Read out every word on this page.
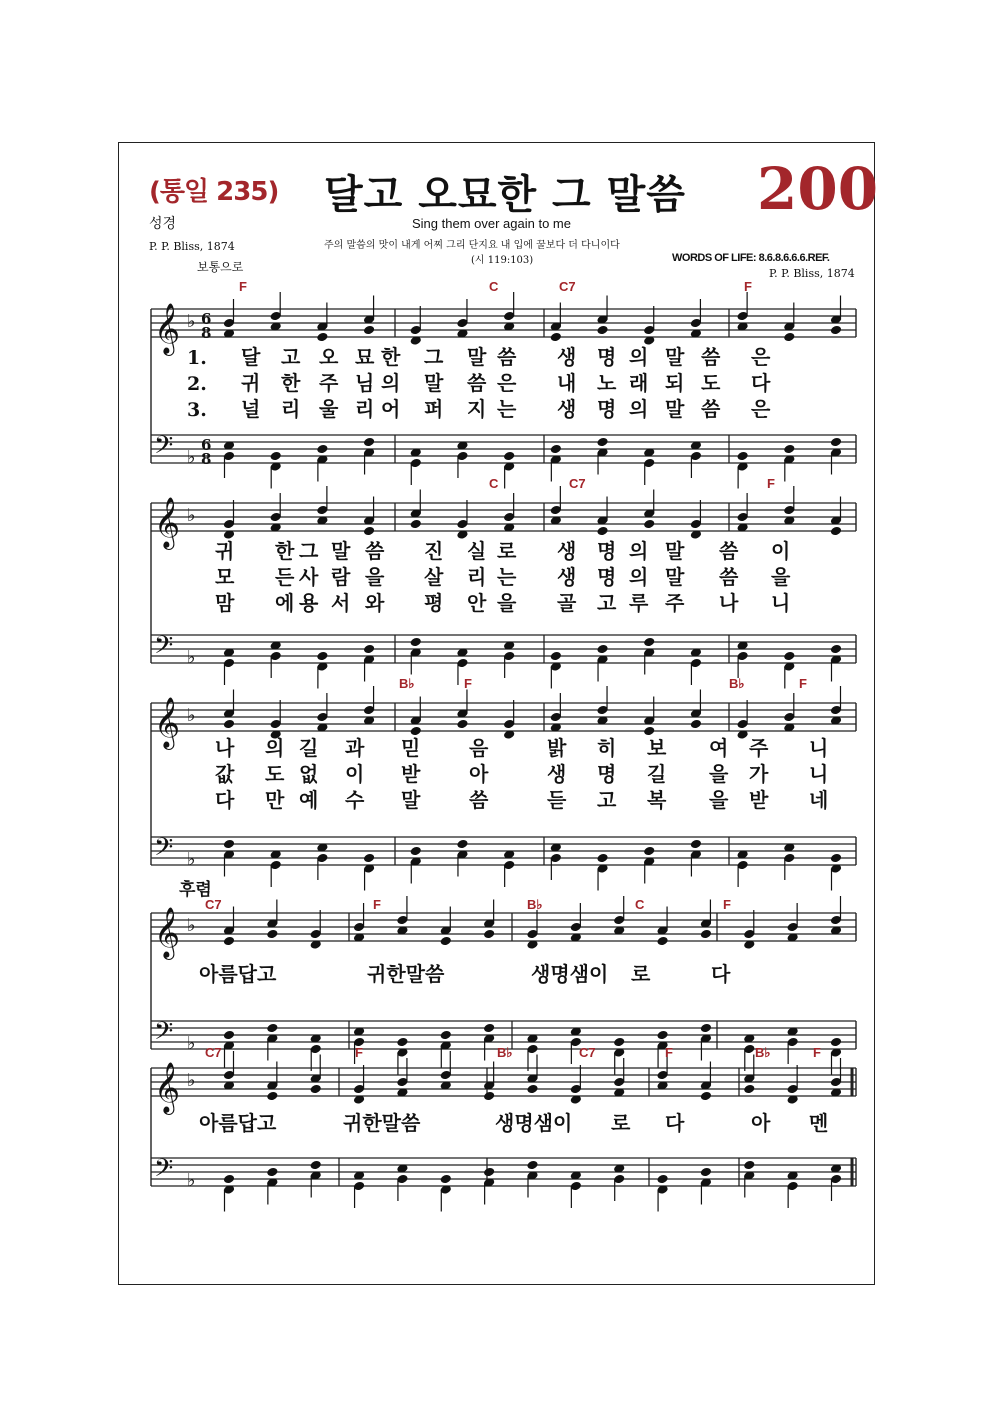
(통일 235) 달고 오묘한 그 말씀 200
성경	Sing them over again to me
주의 말씀의 맛이 내게 어찌 그리 단지요 내 입에 꿀보다 더 다니이다
(시 119:103)
P. P. Bliss, 1874
보통으로
WORDS OF LIFE: 8.6.8.6.6.6.REF.
P. P. Bliss, 1874
후렴
𝄞 ♭ 6
8
𝄢 ♭
6
8
F	C	C7	F
1.
2.
3.
달 고 오 묘 한 그 말 씀 생 명 의 말 씀 은
귀 한 주 님 의 말 씀 은 내 노 래 되 도 다
널 리 울 리 어 퍼 지 는 생 명 의 말 씀 은
𝄞 ♭
𝄢 ♭
C	C7	F
귀 한 그 말 씀 진 실 로 생 명 의 말 씀 이
모 든 사 람 을 살 리 는 생 명 의 말 씀 을
맘 에 용 서 와 평 안 을 골 고 루 주 나 니
𝄞 ♭
𝄢 ♭
B♭	F	B♭	F
나 의 길 과 믿 음	밝 히 보 여 주 니
값 도 없 이 받 아	생 명 길 을 가 니
다 만 예 수 말 씀	듣 고 복 을 받 네
𝄞 ♭
𝄢 ♭
C7	F	B♭	C	F
아름답고	귀한말씀	생명샘이 로	다
𝄞 ♭
𝄢 ♭
C7	F	B♭	C7	F	B♭	F
아름답고	귀한말씀	생명샘이 로 다	아 멘
